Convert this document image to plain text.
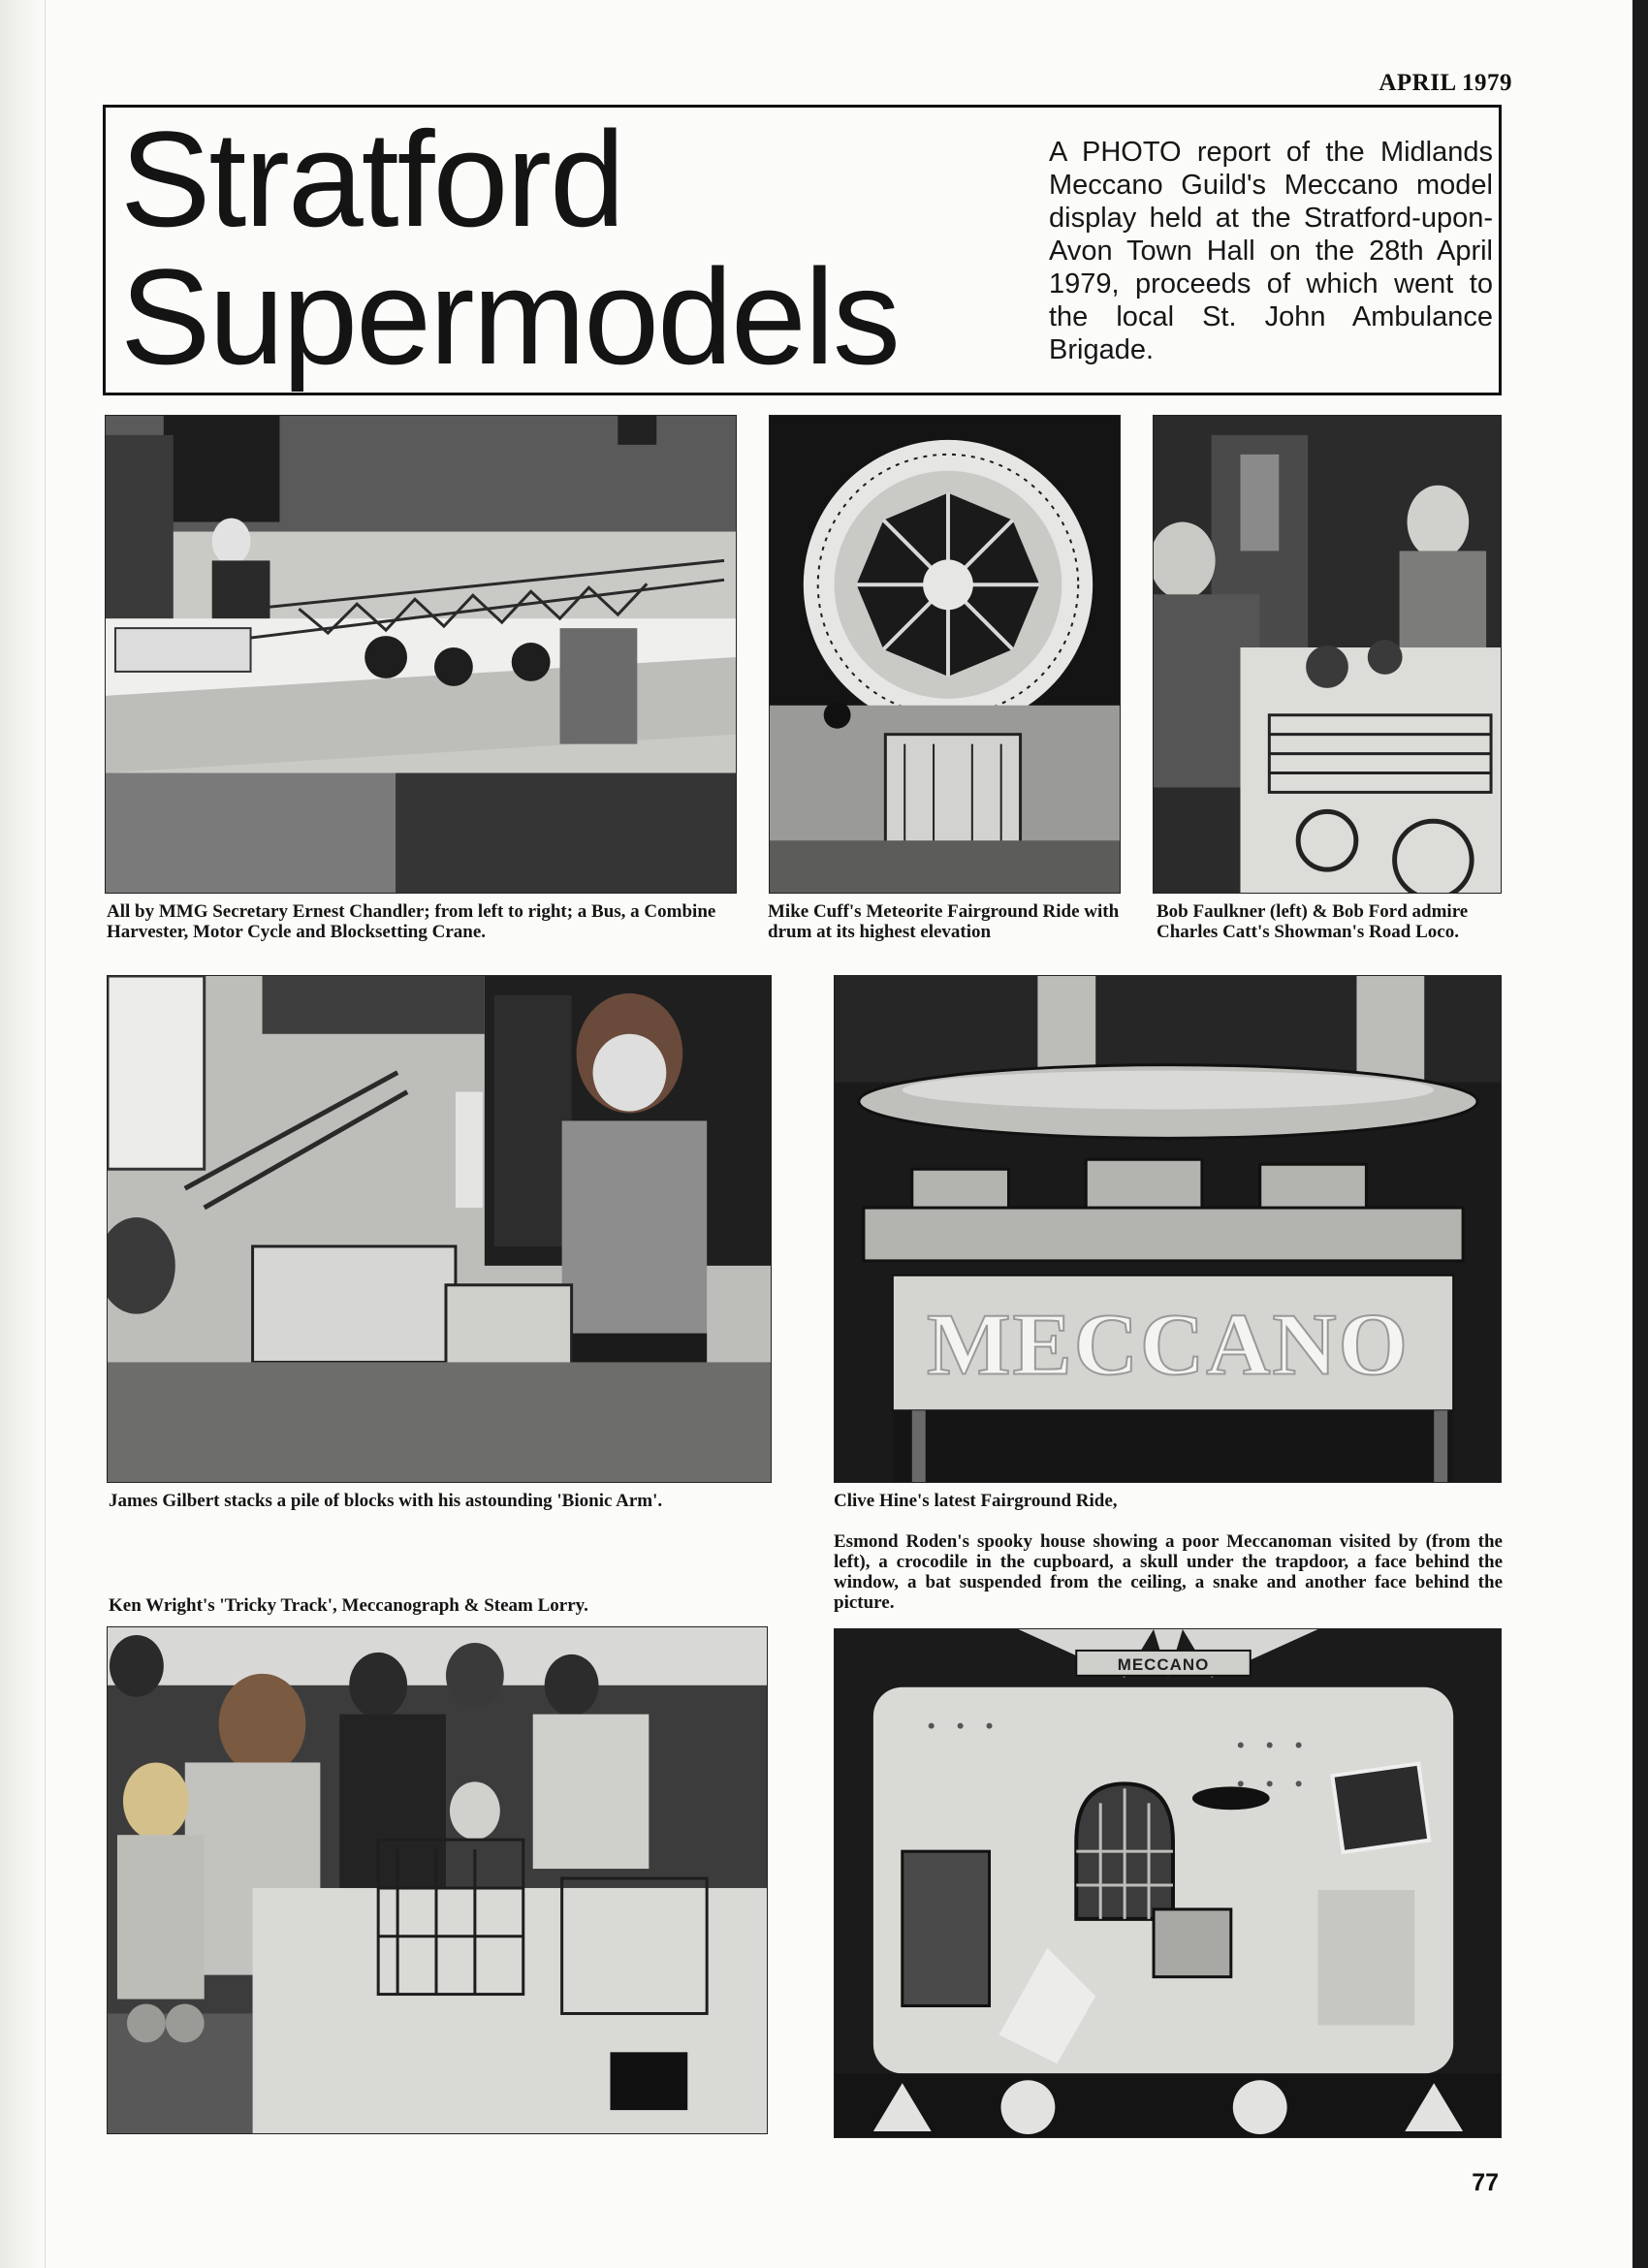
APRIL 1979
Stratford
Supermodels

A PHOTO report of the Midlands Meccano Guild's Meccano model display held at the Stratford-upon-Avon Town Hall on the 28th April 1979, proceeds of which went to the local St. John Ambulance Brigade.

All by MMG Secretary Ernest Chandler; from left to right; a Bus, a Combine Harvester, Motor Cycle and Blocksetting Crane.

Mike Cuff's Meteorite Fairground Ride with drum at its highest elevation

Bob Faulkner (left) & Bob Ford admire Charles Catt's Showman's Road Loco.

James Gilbert stacks a pile of blocks with his astounding 'Bionic Arm'.

MECCANO

Clive Hine's latest Fairground Ride,

Esmond Roden's spooky house showing a poor Meccanoman visited by (from the left), a crocodile in the cupboard, a skull under the trapdoor, a face behind the window, a bat suspended from the ceiling, a snake and another face behind the picture.

Ken Wright's 'Tricky Track', Meccanograph & Steam Lorry.

MECCANO
77
